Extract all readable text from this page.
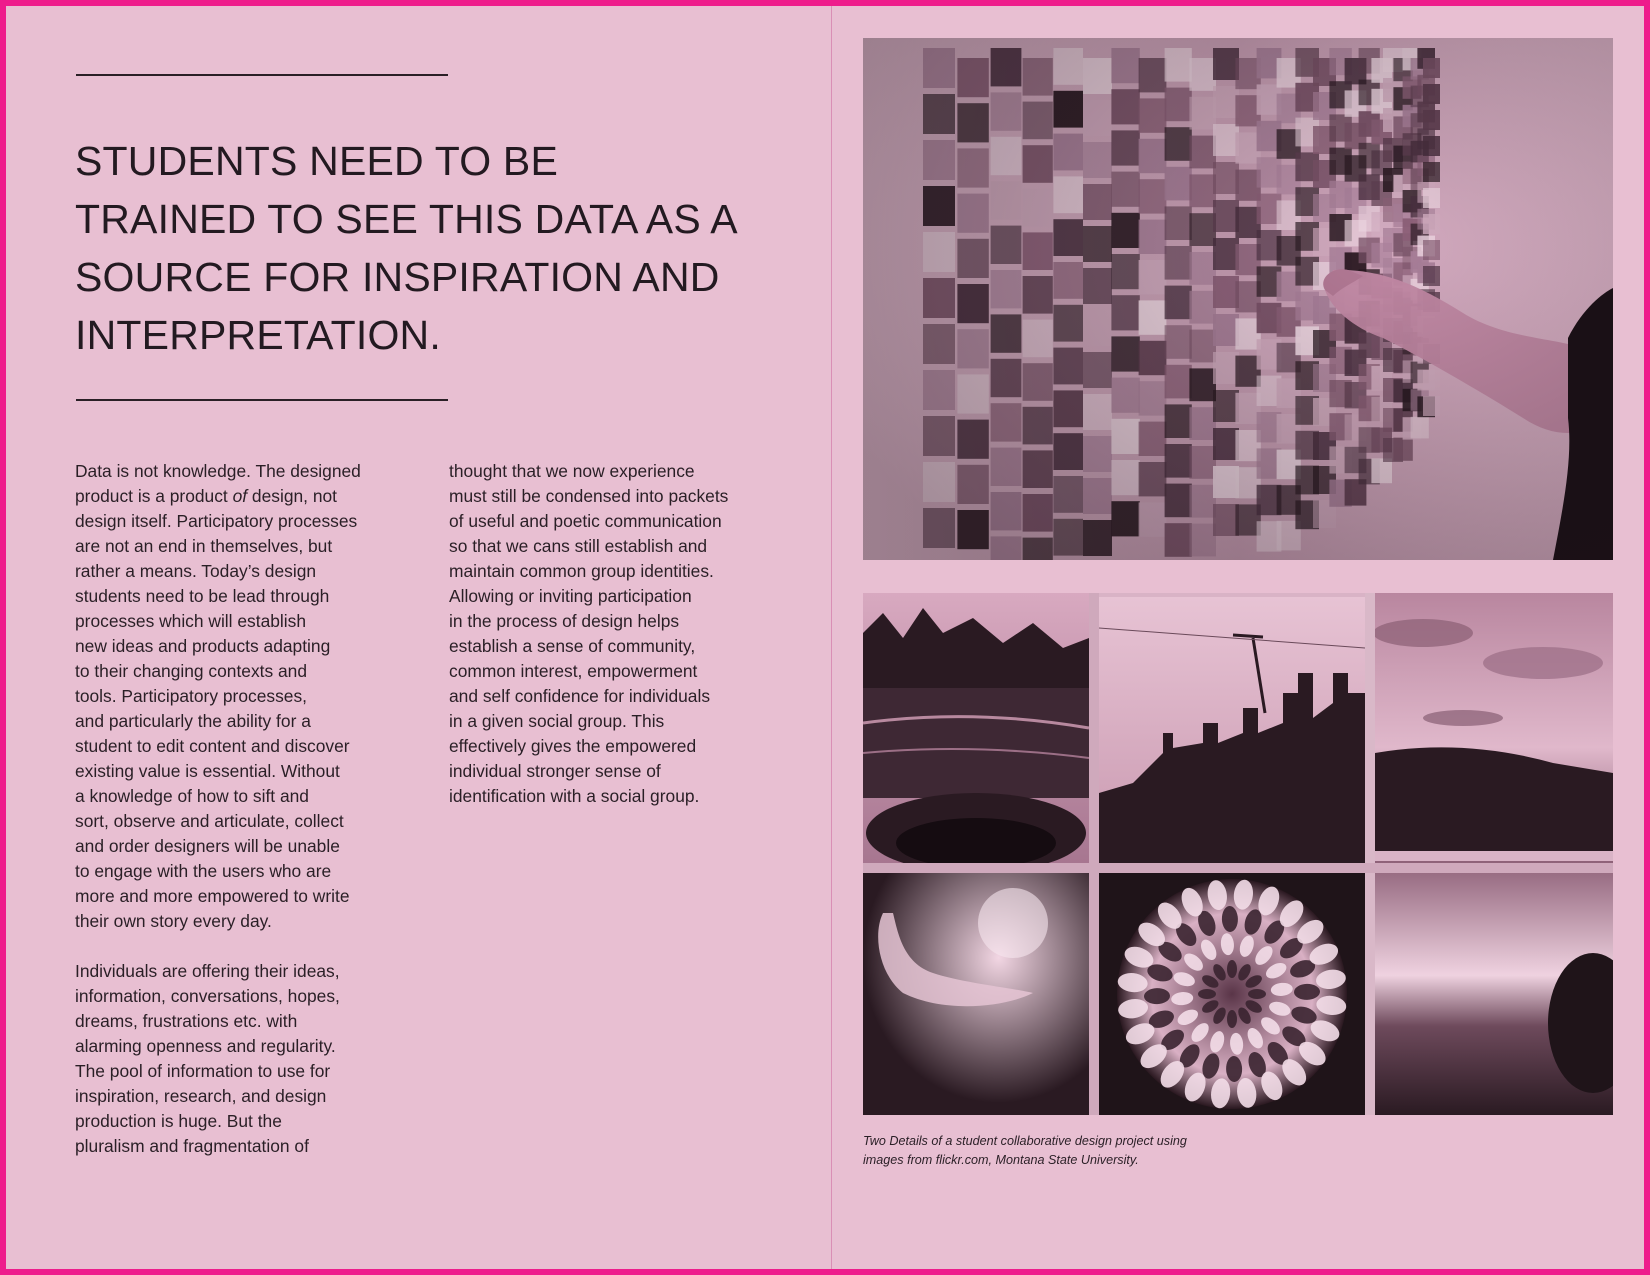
STUDENTS NEED TO BE
TRAINED TO SEE THIS DATA AS A
SOURCE FOR INSPIRATION AND
INTERPRETATION.

Data is not knowledge. The designed
product is a product of design, not
design itself. Participatory processes
are not an end in themselves, but
rather a means. Today’s design
students need to be lead through
processes which will establish
new ideas and products adapting
to their changing contexts and
tools. Participatory processes,
and particularly the ability for a
student to edit content and discover
existing value is essential. Without
a knowledge of how to sift and
sort, observe and articulate, collect
and order designers will be unable
to engage with the users who are
more and more empowered to write
their own story every day.

Individuals are offering their ideas,
information, conversations, hopes,
dreams, frustrations etc. with
alarming openness and regularity.
The pool of information to use for
inspiration, research, and design
production is huge. But the
pluralism and fragmentation of

thought that we now experience
must still be condensed into packets
of useful and poetic communication
so that we cans still establish and
maintain common group identities.
Allowing or inviting participation
in the process of design helps
establish a sense of community,
common interest, empowerment
and self confidence for individuals
in a given social group. This
effectively gives the empowered
individual stronger sense of
identification with a social group.

Two Details of a student collaborative design project using
images from flickr.com, Montana State University.
